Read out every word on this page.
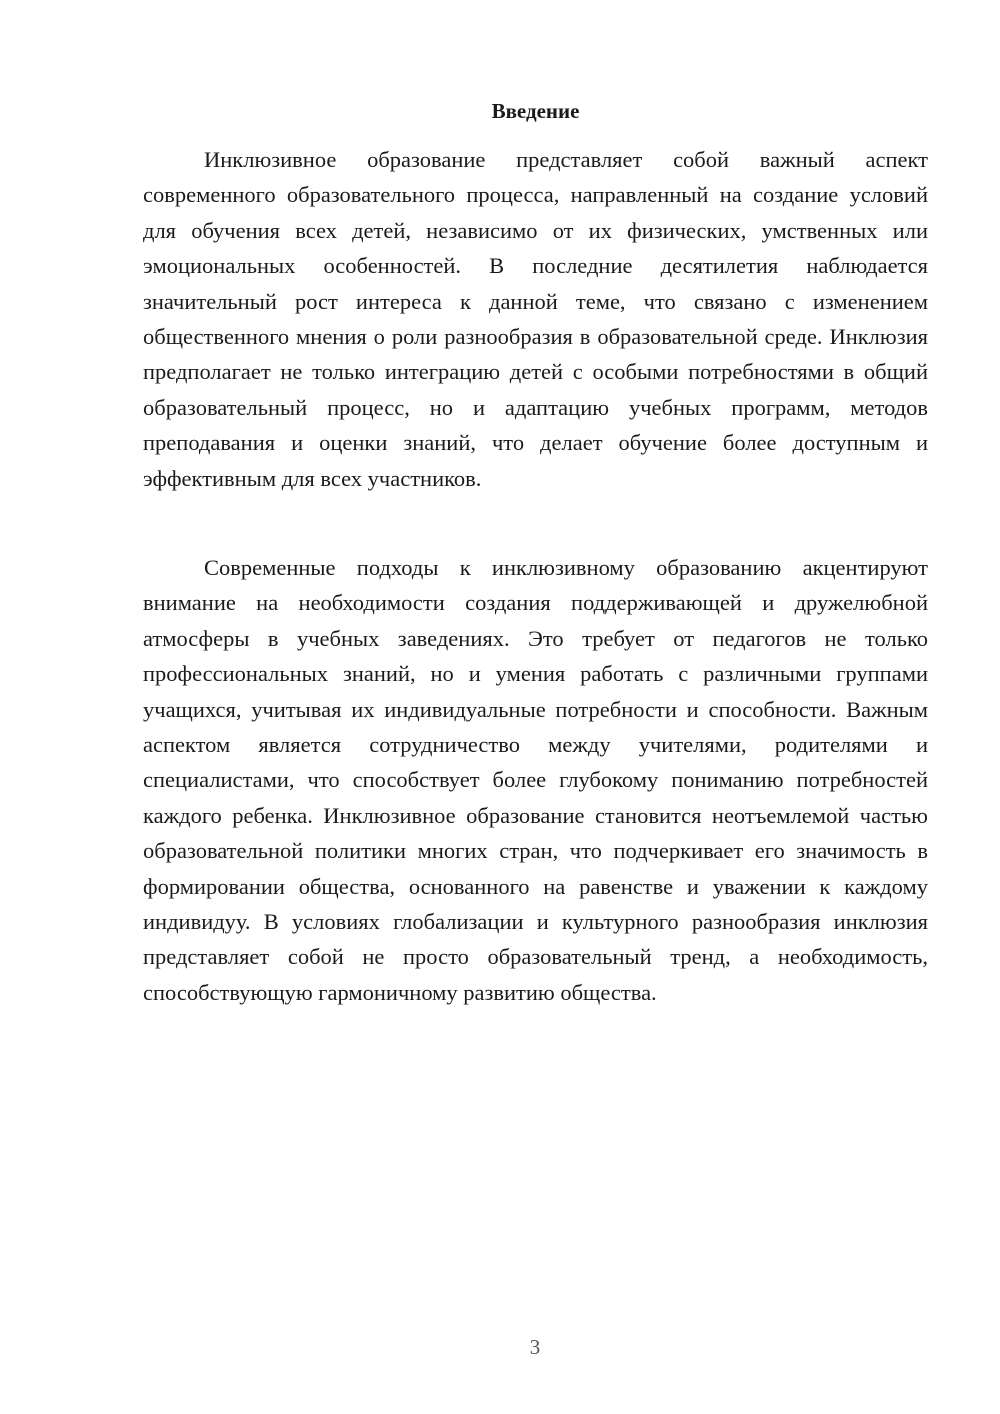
Введение

Инклюзивное образование представляет собой важный аспект современного образовательного процесса, направленный на создание условий для обучения всех детей, независимо от их физических, умственных или эмоциональных особенностей. В последние десятилетия наблюдается значительный рост интереса к данной теме, что связано с изменением общественного мнения о роли разнообразия в образовательной среде. Инклюзия предполагает не только интеграцию детей с особыми потребностями в общий образовательный процесс, но и адаптацию учебных программ, методов преподавания и оценки знаний, что делает обучение более доступным и эффективным для всех участников.

Современные подходы к инклюзивному образованию акцентируют внимание на необходимости создания поддерживающей и дружелюбной атмосферы в учебных заведениях. Это требует от педагогов не только профессиональных знаний, но и умения работать с различными группами учащихся, учитывая их индивидуальные потребности и способности. Важным аспектом является сотрудничество между учителями, родителями и специалистами, что способствует более глубокому пониманию потребностей каждого ребенка. Инклюзивное образование становится неотъемлемой частью образовательной политики многих стран, что подчеркивает его значимость в формировании общества, основанного на равенстве и уважении к каждому индивидуу. В условиях глобализации и культурного разнообразия инклюзия представляет собой не просто образовательный тренд, а необходимость, способствующую гармоничному развитию общества.

3
